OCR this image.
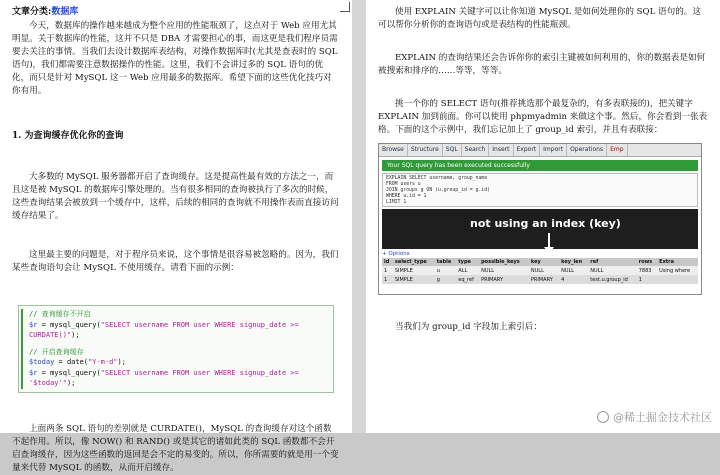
文章分类:数据库

今天，数据库的操作越来越成为整个应用的性能瓶颈了，这点对于 Web 应用尤其明显。关于数据库的性能，这并不只是 DBA 才需要担心的事，而这更是我们程序员需要去关注的事情。当我们去设计数据库表结构，对操作数据库时(尤其是查表时的 SQL 语句)，我们都需要注意数据操作的性能。这里，我们不会讲过多的 SQL 语句的优化，而只是针对 MySQL 这一 Web 应用最多的数据库。希望下面的这些优化技巧对你有用。

1. 为查询缓存优化你的查询

大多数的 MySQL 服务器都开启了查询缓存。这是提高性最有效的方法之一，而且这是被 MySQL 的数据库引擎处理的。当有很多相同的查询被执行了多次的时候，这些查询结果会被放到一个缓存中，这样，后续的相同的查询就不用操作表而直接访问缓存结果了。

这里最主要的问题是，对于程序员来说，这个事情是很容易被忽略的。因为，我们某些查询语句会让 MySQL 不使用缓存。请看下面的示例：

// 查询缓存不开启
$r = mysql_query("SELECT username FROM user WHERE signup_date >= CURDATE()");
// 开启查询缓存
$today = date("Y-m-d");
$r = mysql_query("SELECT username FROM user WHERE signup_date >= '$today'");

上面两条 SQL 语句的差别就是 CURDATE()，MySQL 的查询缓存对这个函数不起作用。所以，像 NOW() 和 RAND() 或是其它的诸如此类的 SQL 函数都不会开启查询缓存，因为这些函数的返回是会不定的易变的。所以，你所需要的就是用一个变量来代替 MySQL 的函数，从而开启缓存。

使用 EXPLAIN 关键字可以让你知道 MySQL 是如何处理你的 SQL 语句的。这可以帮你分析你的查询语句或是表结构的性能瓶颈。

EXPLAIN 的查询结果还会告诉你你的索引主键被如何利用的，你的数据表是如何被搜索和排序的……等等，等等。

挑一个你的 SELECT 语句(推荐挑选那个最复杂的，有多表联接的)，把关键字 EXPLAIN 加到前面。你可以使用 phpmyadmin 来做这个事。然后，你会看到一张表格。下面的这个示例中，我们忘记加上了 group_id 索引，并且有表联接：

Browse	Structure	SQL	Search	Insert	Export	Import	Operations	Emp
Your SQL query has been executed successfully
EXPLAIN SELECT username, group_name
FROM users u
JOIN groups g ON (u.group_id = g.id)
WHERE u.id = 1
LIMIT 1
not using an index (key)
+ Options
id	select_type	table	type	possible_keys	key	key_len	ref	rows	Extra
1	SIMPLE	u	ALL	NULL	NULL	NULL	NULL	7883	Using where
1	SIMPLE	g	eq_ref	PRIMARY	PRIMARY	4	test.u.group_id	1	

当我们为 group_id 字段加上索引后：

@稀土掘金技术社区
